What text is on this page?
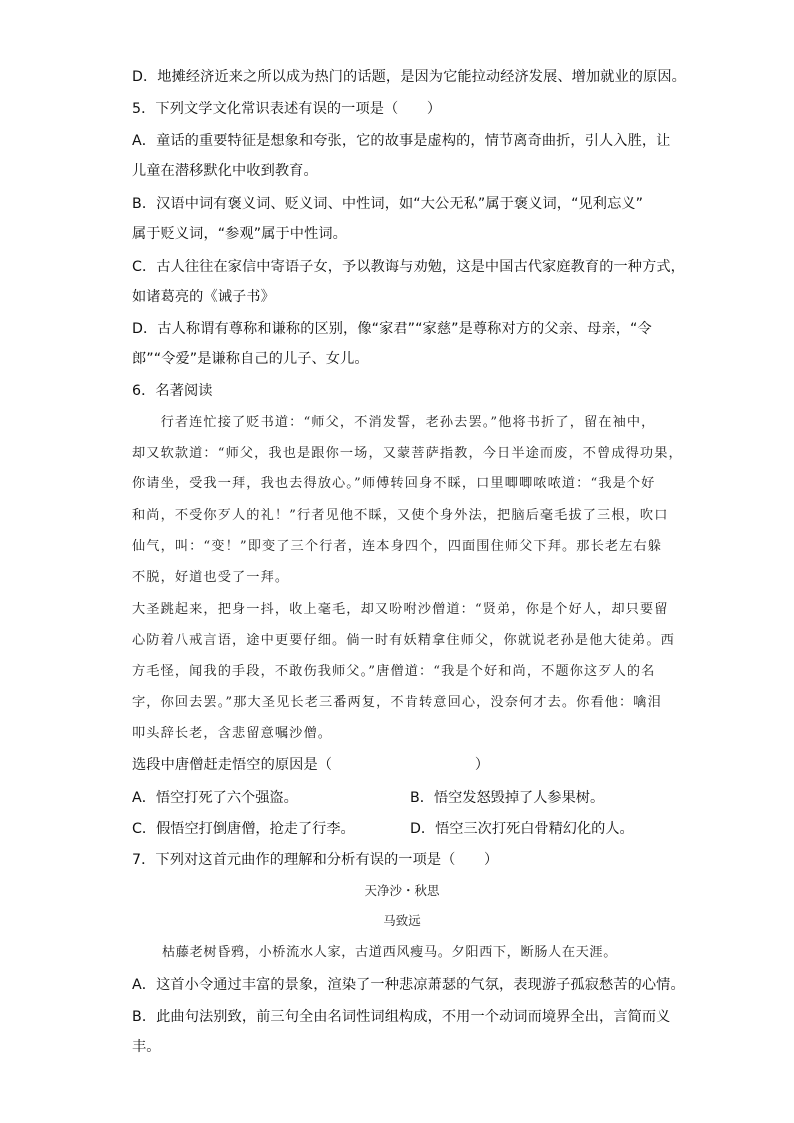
D．地摊经济近来之所以成为热门的话题，是因为它能拉动经济发展、增加就业的原因。
5．下列文学文化常识表述有误的一项是（　　）
A．童话的重要特征是想象和夸张，它的故事是虚构的，情节离奇曲折，引人入胜，让
儿童在潜移默化中收到教育。
B．汉语中词有褒义词、贬义词、中性词，如“大公无私”属于褒义词，“见利忘义”
属于贬义词，“参观”属于中性词。
C．古人往往在家信中寄语子女，予以教诲与劝勉，这是中国古代家庭教育的一种方式，
如诸葛亮的《诫子书》
D．古人称谓有尊称和谦称的区别，像“家君”“家慈”是尊称对方的父亲、母亲，“令
郎”“令爱”是谦称自己的儿子、女儿。
6．名著阅读
　　行者连忙接了贬书道：“师父，不消发誓，老孙去罢。”他将书折了，留在袖中，
却又软款道：“师父，我也是跟你一场，又蒙菩萨指教，今日半途而废，不曾成得功果，
你请坐，受我一拜，我也去得放心。”师傅转回身不睬，口里唧唧哝哝道：“我是个好
和尚，不受你歹人的礼！”行者见他不睬，又使个身外法，把脑后毫毛拔了三根，吹口
仙气，叫：“变！”即变了三个行者，连本身四个，四面围住师父下拜。那长老左右躲
不脱，好道也受了一拜。
大圣跳起来，把身一抖，收上毫毛，却又吩咐沙僧道：“贤弟，你是个好人，却只要留
心防着八戒言语，途中更要仔细。倘一时有妖精拿住师父，你就说老孙是他大徒弟。西
方毛怪，闻我的手段，不敢伤我师父。”唐僧道：“我是个好和尚，不题你这歹人的名
字，你回去罢。”那大圣见长老三番两复，不肯转意回心，没奈何才去。你看他：噙泪
叩头辞长老，含悲留意嘱沙僧。
选段中唐僧赶走悟空的原因是（　　　　　　　　　　）
A．悟空打死了六个强盗。	B．悟空发怒毁掉了人参果树。
C．假悟空打倒唐僧，抢走了行李。	D．悟空三次打死白骨精幻化的人。
7．下列对这首元曲作的理解和分析有误的一项是（　　）
天净沙・秋思
马致远
枯藤老树昏鸦，小桥流水人家，古道西风瘦马。夕阳西下，断肠人在天涯。
A．这首小令通过丰富的景象，渲染了一种悲凉萧瑟的气氛，表现游子孤寂愁苦的心情。
B．此曲句法别致，前三句全由名词性词组构成，不用一个动词而境界全出，言简而义
丰。
